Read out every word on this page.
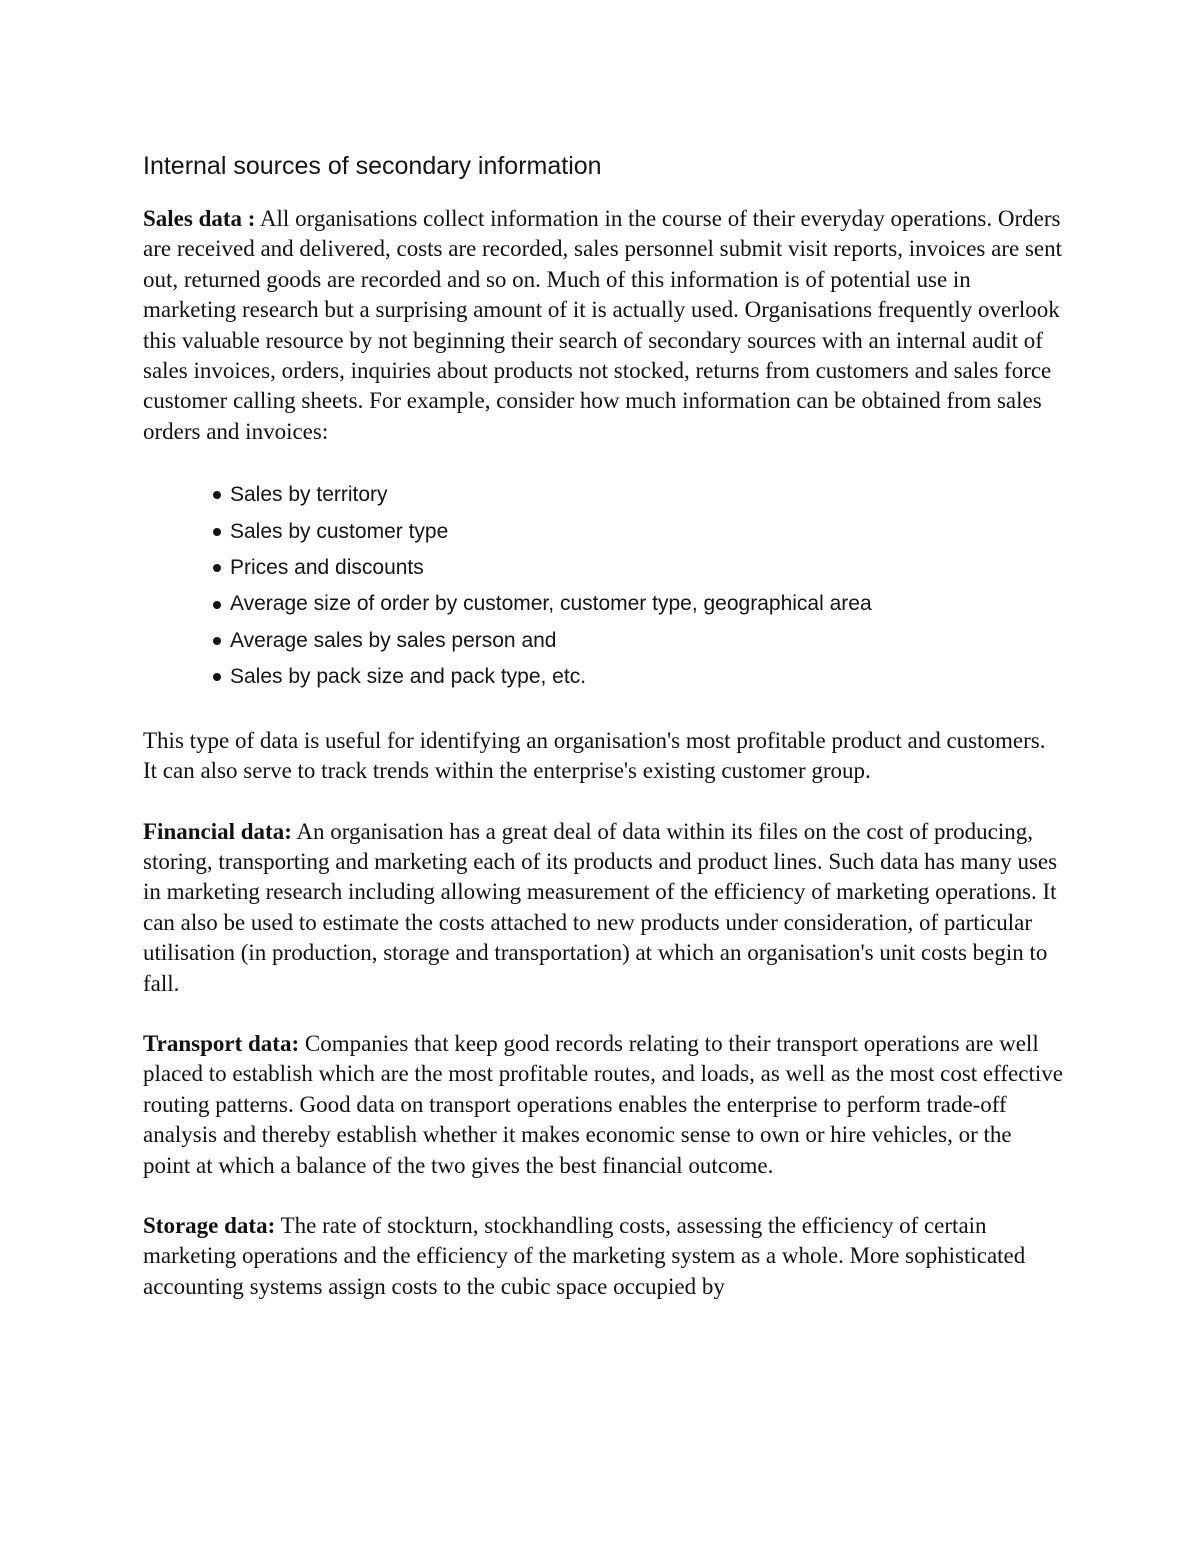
Internal sources of secondary information

Sales data : All organisations collect information in the course of their everyday operations. Orders are received and delivered, costs are recorded, sales personnel submit visit reports, invoices are sent out, returned goods are recorded and so on. Much of this information is of potential use in marketing research but a surprising amount of it is actually used. Organisations frequently overlook this valuable resource by not beginning their search of secondary sources with an internal audit of sales invoices, orders, inquiries about products not stocked, returns from customers and sales force customer calling sheets. For example, consider how much information can be obtained from sales orders and invoices:

Sales by territory
Sales by customer type
Prices and discounts
Average size of order by customer, customer type, geographical area
Average sales by sales person and
Sales by pack size and pack type, etc.

This type of data is useful for identifying an organisation's most profitable product and customers. It can also serve to track trends within the enterprise's existing customer group.

Financial data: An organisation has a great deal of data within its files on the cost of producing, storing, transporting and marketing each of its products and product lines. Such data has many uses in marketing research including allowing measurement of the efficiency of marketing operations. It can also be used to estimate the costs attached to new products under consideration, of particular utilisation (in production, storage and transportation) at which an organisation's unit costs begin to fall.

Transport data: Companies that keep good records relating to their transport operations are well placed to establish which are the most profitable routes, and loads, as well as the most cost effective routing patterns. Good data on transport operations enables the enterprise to perform trade-off analysis and thereby establish whether it makes economic sense to own or hire vehicles, or the point at which a balance of the two gives the best financial outcome.

Storage data: The rate of stockturn, stockhandling costs, assessing the efficiency of certain marketing operations and the efficiency of the marketing system as a whole. More sophisticated accounting systems assign costs to the cubic space occupied by
